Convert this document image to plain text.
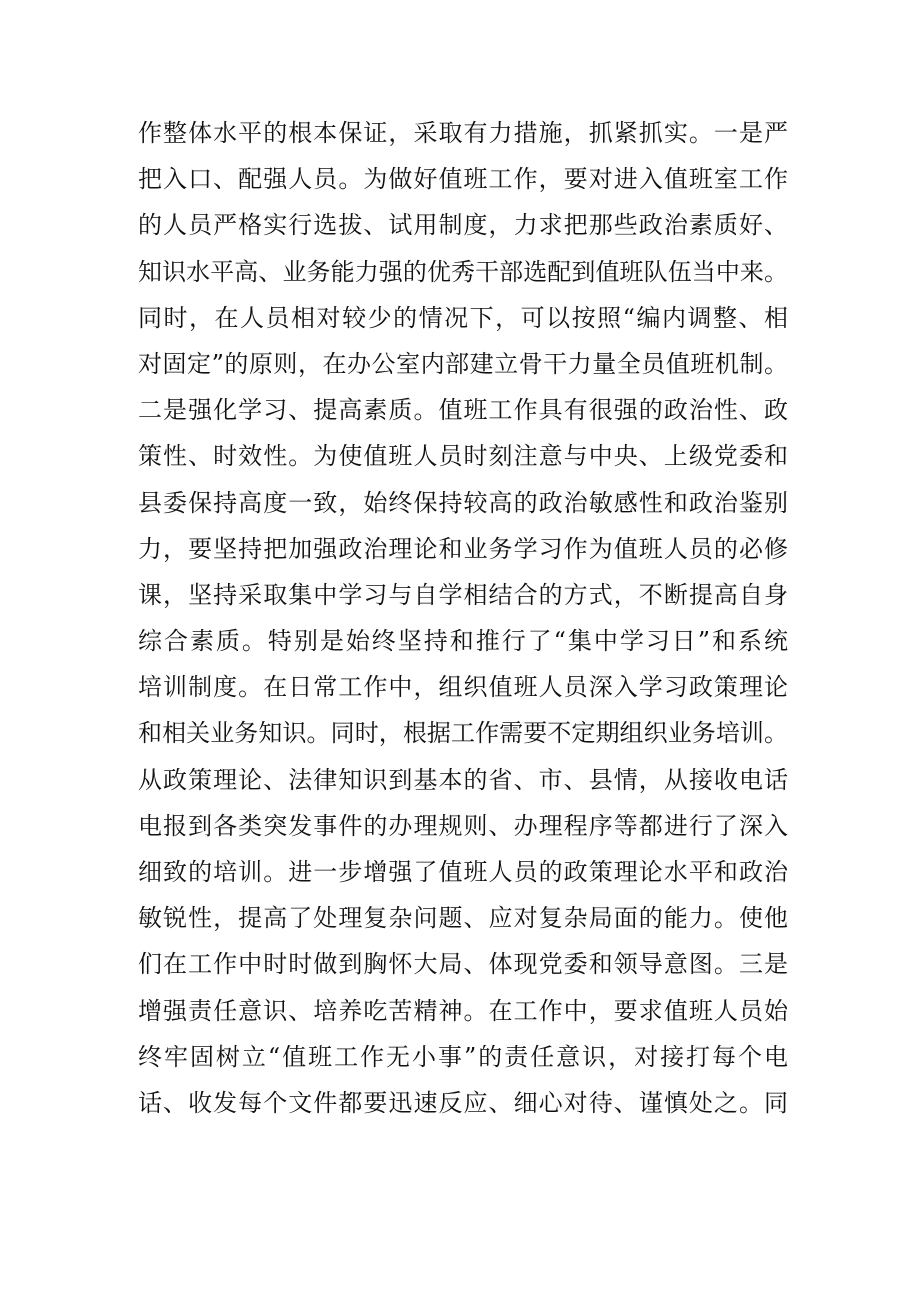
作整体水平的根本保证，采取有力措施，抓紧抓实。一是严
把入口、配强人员。为做好值班工作，要对进入值班室工作
的人员严格实行选拔、试用制度，力求把那些政治素质好、
知识水平高、业务能力强的优秀干部选配到值班队伍当中来。
同时，在人员相对较少的情况下，可以按照“编内调整、相
对固定”的原则，在办公室内部建立骨干力量全员值班机制。
二是强化学习、提高素质。值班工作具有很强的政治性、政
策性、时效性。为使值班人员时刻注意与中央、上级党委和
县委保持高度一致，始终保持较高的政治敏感性和政治鉴别
力，要坚持把加强政治理论和业务学习作为值班人员的必修
课，坚持采取集中学习与自学相结合的方式，不断提高自身
综合素质。特别是始终坚持和推行了“集中学习日”和系统
培训制度。在日常工作中，组织值班人员深入学习政策理论
和相关业务知识。同时，根据工作需要不定期组织业务培训。
从政策理论、法律知识到基本的省、市、县情，从接收电话
电报到各类突发事件的办理规则、办理程序等都进行了深入
细致的培训。进一步增强了值班人员的政策理论水平和政治
敏锐性，提高了处理复杂问题、应对复杂局面的能力。使他
们在工作中时时做到胸怀大局、体现党委和领导意图。三是
增强责任意识、培养吃苦精神。在工作中，要求值班人员始
终牢固树立“值班工作无小事”的责任意识，对接打每个电
话、收发每个文件都要迅速反应、细心对待、谨慎处之。同
